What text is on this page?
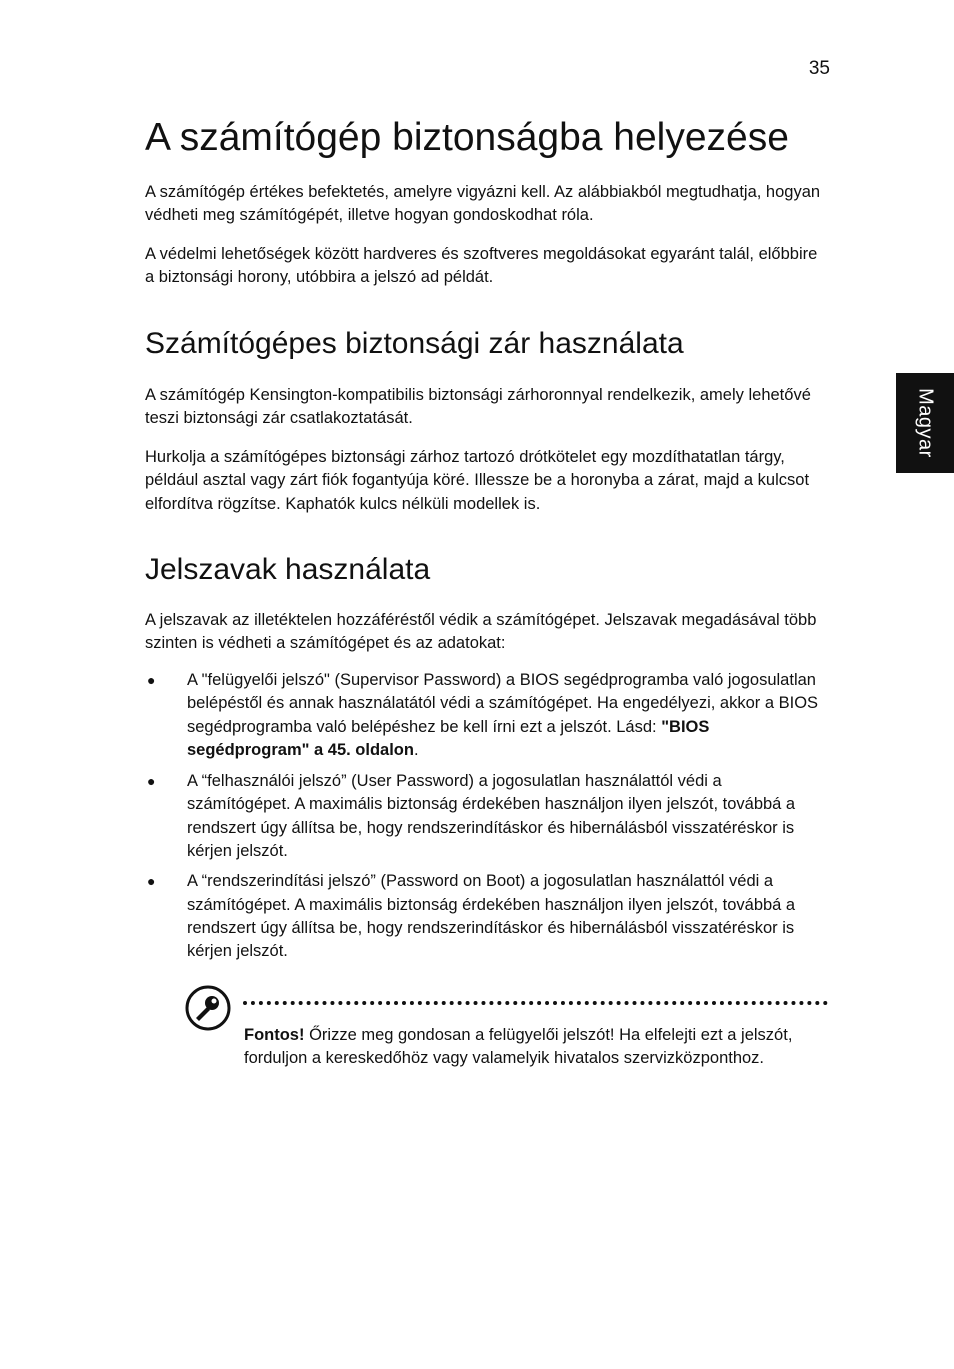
35
Magyar
A számítógép biztonságba helyezése

A számítógép értékes befektetés, amelyre vigyázni kell. Az alábbiakból megtudhatja, hogyan védheti meg számítógépét, illetve hogyan gondoskodhat róla.

A védelmi lehetőségek között hardveres és szoftveres megoldásokat egyaránt talál, előbbire a biztonsági horony, utóbbira a jelszó ad példát.

Számítógépes biztonsági zár használata

A számítógép Kensington-kompatibilis biztonsági zárhoronnyal rendelkezik, amely lehetővé teszi biztonsági zár csatlakoztatását.

Hurkolja a számítógépes biztonsági zárhoz tartozó drótkötelet egy mozdíthatatlan tárgy, például asztal vagy zárt fiók fogantyúja köré. Illessze be a horonyba a zárat, majd a kulcsot elfordítva rögzítse. Kaphatók kulcs nélküli modellek is.

Jelszavak használata

A jelszavak az illetéktelen hozzáféréstől védik a számítógépet. Jelszavak megadásával több szinten is védheti a számítógépet és az adatokat:

● A "felügyelői jelszó" (Supervisor Password) a BIOS segédprogramba való jogosulatlan belépéstől és annak használatától védi a számítógépet. Ha engedélyezi, akkor a BIOS segédprogramba való belépéshez be kell írni ezt a jelszót. Lásd: "BIOS segédprogram" a 45. oldalon.
● A “felhasználói jelszó” (User Password) a jogosulatlan használattól védi a számítógépet. A maximális biztonság érdekében használjon ilyen jelszót, továbbá a rendszert úgy állítsa be, hogy rendszerindításkor és hibernálásból visszatéréskor is kérjen jelszót.
● A “rendszerindítási jelszó” (Password on Boot) a jogosulatlan használattól védi a számítógépet. A maximális biztonság érdekében használjon ilyen jelszót, továbbá a rendszert úgy állítsa be, hogy rendszerindításkor és hibernálásból visszatéréskor is kérjen jelszót.

Fontos! Őrizze meg gondosan a felügyelői jelszót! Ha elfelejti ezt a jelszót, forduljon a kereskedőhöz vagy valamelyik hivatalos szervizközponthoz.
